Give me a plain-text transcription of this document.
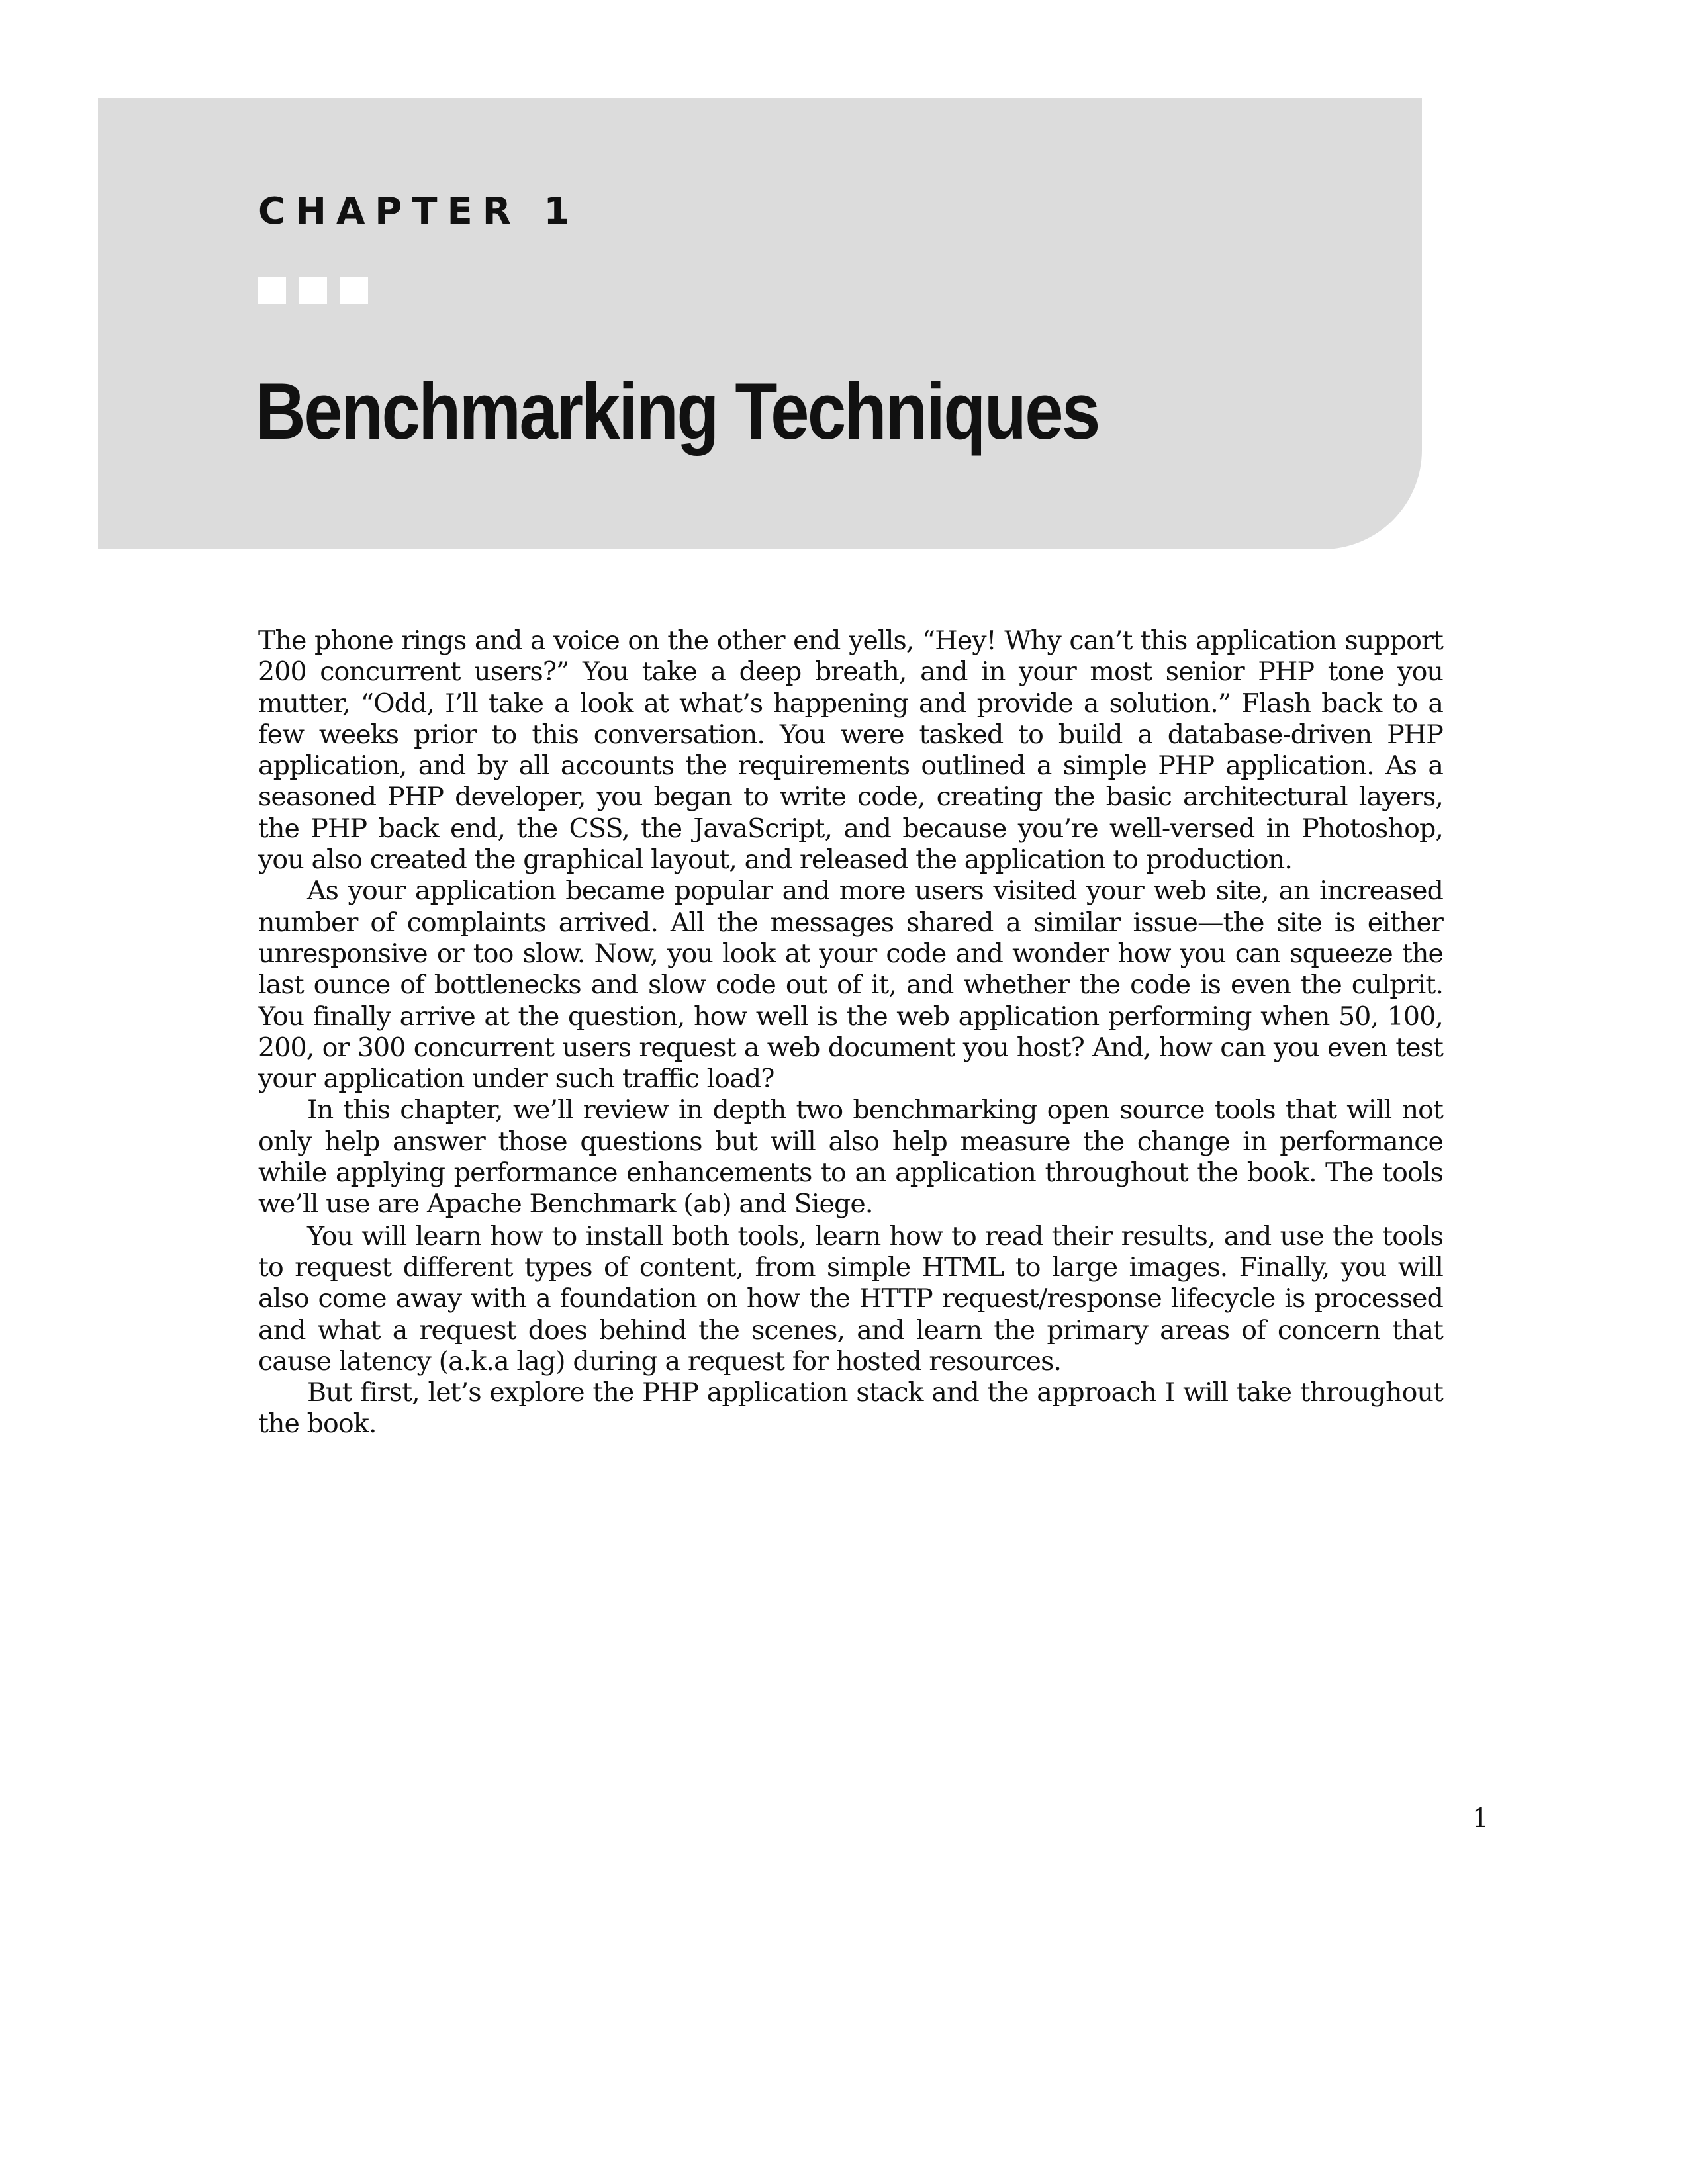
CHAPTER 1
Benchmarking Techniques

The phone rings and a voice on the other end yells, “Hey! Why can’t this application support 200 concurrent users?” You take a deep breath, and in your most senior PHP tone you mutter, “Odd, I’ll take a look at what’s happening and provide a solution.” Flash back to a few weeks prior to this conversation. You were tasked to build a database-driven PHP application, and by all accounts the requirements outlined a simple PHP application. As a seasoned PHP developer, you began to write code, creating the basic architectural layers, the PHP back end, the CSS, the JavaScript, and because you’re well-versed in Photoshop, you also created the graphical layout, and released the application to production.

As your application became popular and more users visited your web site, an increased number of complaints arrived. All the messages shared a similar issue—the site is either unresponsive or too slow. Now, you look at your code and wonder how you can squeeze the last ounce of bottlenecks and slow code out of it, and whether the code is even the culprit. You finally arrive at the question, how well is the web application performing when 50, 100, 200, or 300 concurrent users request a web document you host? And, how can you even test your application under such traffic load?

In this chapter, we’ll review in depth two benchmarking open source tools that will not only help answer those questions but will also help measure the change in performance while applying performance enhancements to an application throughout the book. The tools we’ll use are Apache Benchmark (ab) and Siege.

You will learn how to install both tools, learn how to read their results, and use the tools to request different types of content, from simple HTML to large images. Finally, you will also come away with a foundation on how the HTTP request/response lifecycle is processed and what a request does behind the scenes, and learn the primary areas of concern that cause latency (a.k.a lag) during a request for hosted resources.

But first, let’s explore the PHP application stack and the approach I will take throughout the book.

1
